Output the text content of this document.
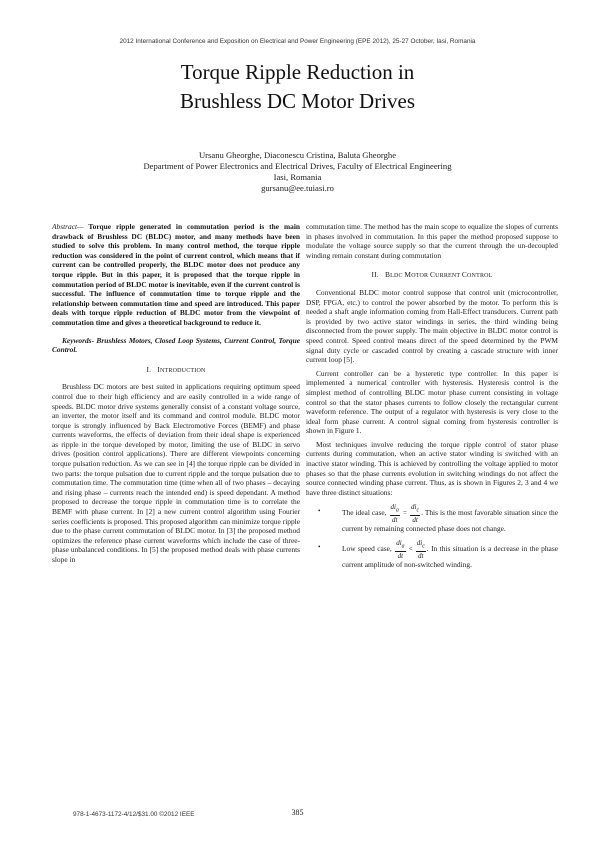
2012 International Conference and Exposition on Electrical and Power Engineering (EPE 2012), 25-27 October, Iasi, Romania
Torque Ripple Reduction in
Brushless DC Motor Drives
Ursanu Gheorghe, Diaconescu Cristina, Baluta Gheorghe
Department of Power Electronics and Electrical Drives, Faculty of Electrical Engineering
Iasi, Romania
gursanu@ee.tuiasi.ro

Abstract— Torque ripple generated in commutation period is the main drawback of Brushless DC (BLDC) motor, and many methods have been studied to solve this problem. In many control method, the torque ripple reduction was considered in the point of current control, which means that if current can be controlled properly, the BLDC motor does not produce any torque ripple. But in this paper, it is proposed that the torque ripple in commutation period of BLDC motor is inevitable, even if the current control is successful. The influence of commutation time to torque ripple and the relationship between commutation time and speed are introduced. This paper deals with torque ripple reduction of BLDC motor from the viewpoint of commutation time and gives a theoretical background to reduce it.

Keywords- Brushless Motors, Closed Loop Systems, Current Control, Torque Control.

I. INTRODUCTION

Brushless DC motors are best suited in applications requiring optimum speed control due to their high efficiency and are easily controlled in a wide range of speeds. BLDC motor drive systems generally consist of a constant voltage source, an inverter, the motor itself and its command and control module. BLDC motor torque is strongly influenced by Back Electromotive Forces (BEMF) and phase currents waveforms, the effects of deviation from their ideal shape is experienced as ripple in the torque developed by motor, limiting the use of BLDC in servo drives (position control applications). There are different viewpoints concerning torque pulsation reduction. As we can see in [4] the torque ripple can be divided in two parts: the torque pulsation due to current ripple and the torque pulsation due to commutation time. The commutation time (time when all of two phases – decaying and rising phase – currents reach the intended end) is speed dependant. A method proposed to decrease the torque ripple in commutation time is to correlate the BEMF with phase current. In [2] a new current control algorithm using Fourier series coefficients is proposed. This proposed algorithm can minimize torque ripple due to the phase current commutation of BLDC motor. In [3] the proposed method optimizes the reference phase current waveforms which include the case of three-phase unbalanced conditions. In [5] the proposed method deals with phase currents slope in

commutation time. The method has the main scope to equalize the slopes of currents in phases involved in commutation. In this paper the method proposed suppose to modulate the voltage source supply so that the current through the un-decoupled winding remain constant during commutation

II. BLDC MOTOR CURRENT CONTROL

Conventional BLDC motor control suppose that control unit (microcontroller, DSP, FPGA, etc.) to control the power absorbed by the motor. To perform this is needed a shaft angle information coming from Hall-Effect transducers. Current path is provided by two active stator windings in series, the third winding being disconnected from the power supply. The main objective in BLDC motor control is speed control. Speed control means direct of the speed determined by the PWM signal duty cycle or cascaded control by creating a cascade structure with inner current loop [5].

Current controller can be a hysteretic type controller. In this paper is implemented a numerical controller with hysteresis. Hysteresis control is the simplest method of controlling BLDC motor phase current consisting in voltage control so that the stator phases currents to follow closely the rectangular current waveform reference. The output of a regulator with hysteresis is very close to the ideal form phase current. A control signal coming from hysteresis controller is shown in Figure 1.

Most techniques involve reducing the torque ripple control of stator phase currents during commutation, when an active stator winding is switched with an inactive stator winding. This is achieved by controlling the voltage applied to motor phases so that the phase currents evolution in switching windings do not affect the source connected winding phase current. Thus, as is shown in Figures 2, 3 and 4 we have three distinct situations:

•	The ideal case, $\frac{di_a}{dt} = \frac{di_c}{dt}$ . This is the most favorable situation since the current by remaining connected phase does not change.
•	Low speed case, $\frac{di_a}{dt} < \frac{di_c}{dt}$ . In this situation is a decrease in the phase current amplitude of non-switched winding.
978-1-4673-1172-4/12/$31.00 ©2012 IEEE	385
